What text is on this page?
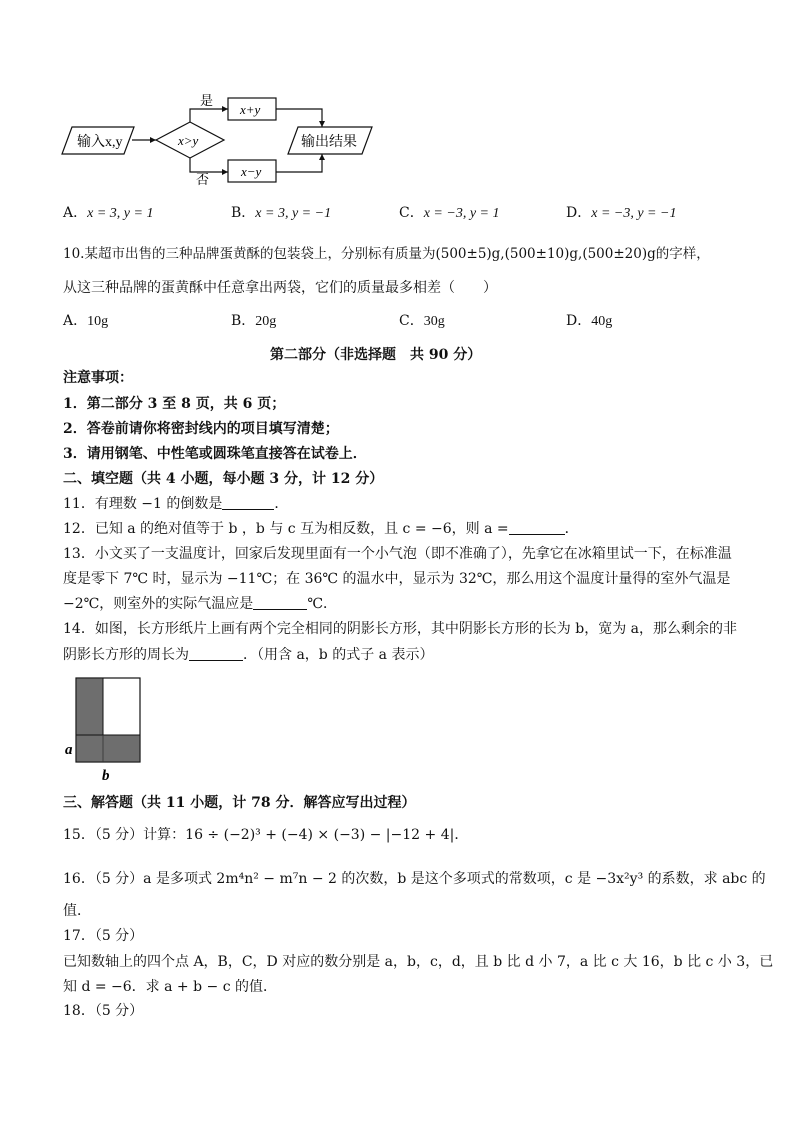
输入x,y	x>y
是
x+y
否
x−y
输出结果
A．x = 3, y = 1	B．x = 3, y = −1	C．x = −3, y = 1	D．x = −3, y = −1
10.某超市出售的三种品牌蛋黄酥的包装袋上，分别标有质量为(500±5)g,(500±10)g,(500±20)g的字样，
从这三种品牌的蛋黄酥中任意拿出两袋，它们的质量最多相差（　　）
A．10g	B．20g	C．30g	D．40g
第二部分（非选择题　共 90 分）
注意事项：
1．第二部分 3 至 8 页，共 6 页；
2．答卷前请你将密封线内的项目填写清楚；
3．请用钢笔、中性笔或圆珠笔直接答在试卷上．
二、填空题（共 4 小题，每小题 3 分，计 12 分）
11．有理数 −1 的倒数是	．
12．已知 a 的绝对值等于 b ，b 与 c 互为相反数，且 c = −6，则 a =	．
13．小文买了一支温度计，回家后发现里面有一个小气泡（即不准确了），先拿它在冰箱里试一下，在标准温
度是零下 7℃ 时，显示为 −11℃；在 36℃ 的温水中，显示为 32℃，那么用这个温度计量得的室外气温是
−2℃，则室外的实际气温应是	℃．
14．如图，长方形纸片上画有两个完全相同的阴影长方形，其中阴影长方形的长为 b，宽为 a，那么剩余的非
阴影长方形的周长为	．（用含 a，b 的式子 a 表示）
a
b
三、解答题（共 11 小题，计 78 分．解答应写出过程）
15．（5 分）计算：16 ÷ (−2)³ + (−4) × (−3) − |−12 + 4|．
16．（5 分）a 是多项式 2m⁴n² − m⁷n − 2 的次数，b 是这个多项式的常数项，c 是 −3x²y³ 的系数，求 abc 的
值．
17．（5 分）
已知数轴上的四个点 A，B，C，D 对应的数分别是 a，b，c，d，且 b 比 d 小 7，a 比 c 大 16，b 比 c 小 3，已
知 d = −6．求 a + b − c 的值．
18．（5 分）
